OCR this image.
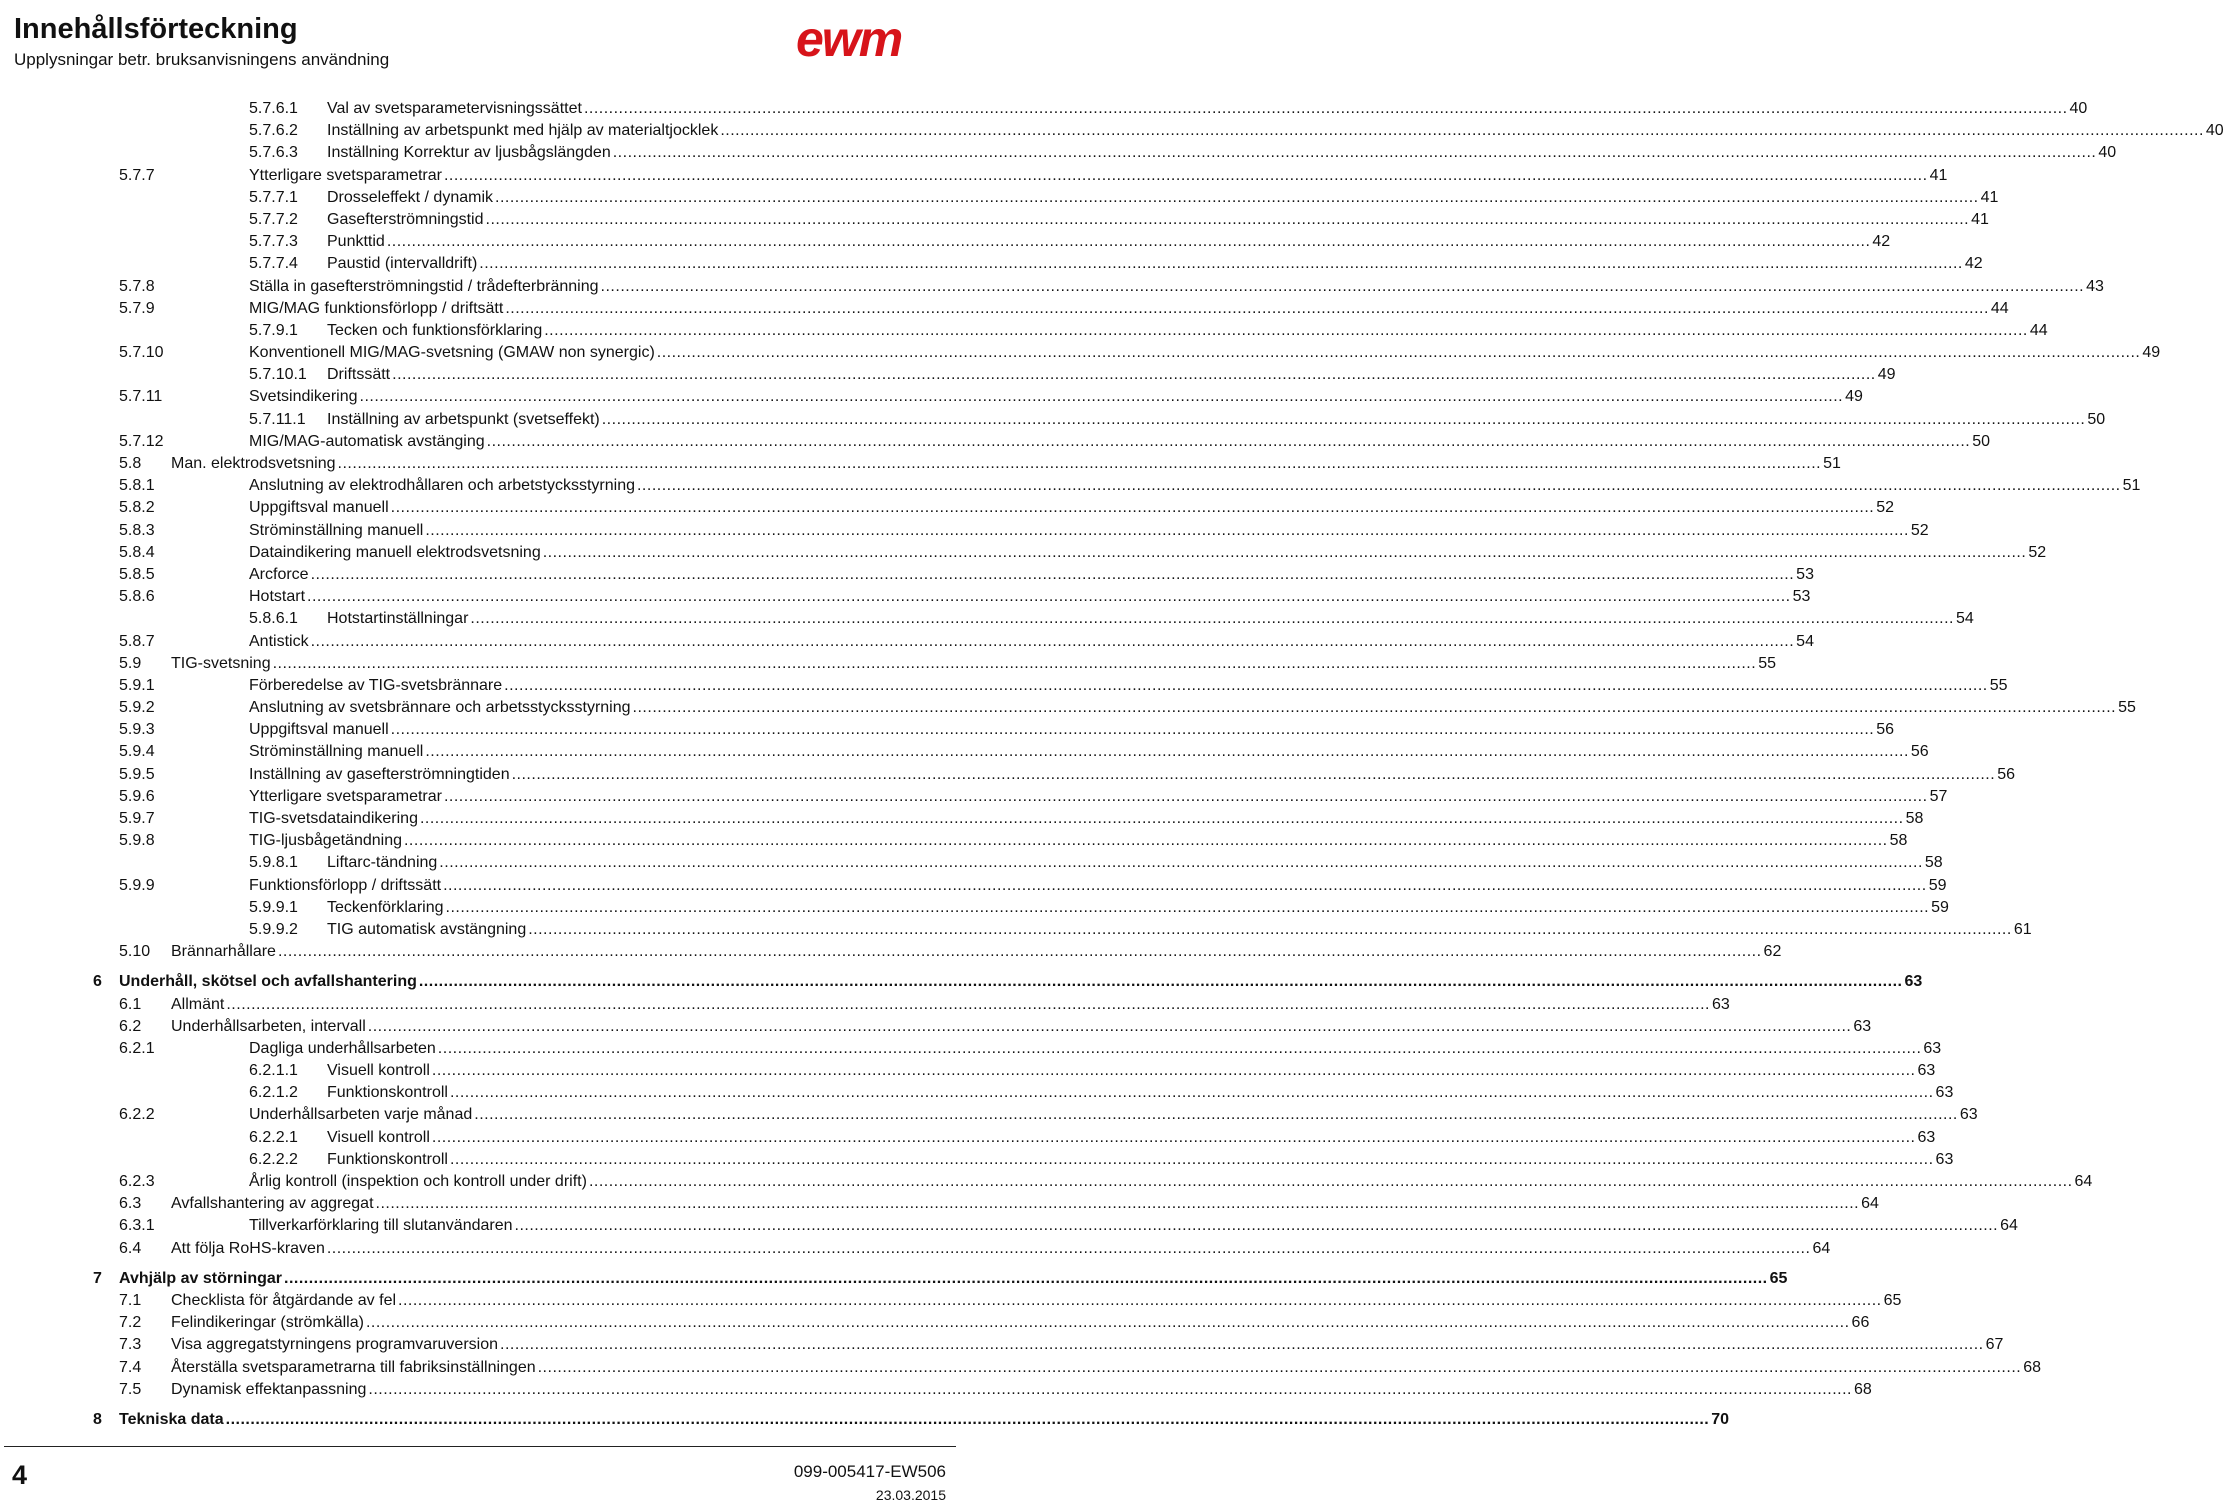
Innehållsförteckning
Upplysningar betr. bruksanvisningens användning	ewm
5.7.6.1 Val av svetsparametervisningssättet ............................................................................................................................................................................................................................................................................................................ 40
5.7.6.2 Inställning av arbetspunkt med hjälp av materialtjocklek ............................................................................................................................................................................................................................................................................................................ 40
5.7.6.3 Inställning Korrektur av ljusbågslängden ............................................................................................................................................................................................................................................................................................................ 40
5.7.7	Ytterligare svetsparametrar ............................................................................................................................................................................................................................................................................................................ 41
5.7.7.1 Drosseleffekt / dynamik ............................................................................................................................................................................................................................................................................................................ 41
5.7.7.2 Gasefterströmningstid ............................................................................................................................................................................................................................................................................................................ 41
5.7.7.3 Punkttid ............................................................................................................................................................................................................................................................................................................ 42
5.7.7.4 Paustid (intervalldrift) ............................................................................................................................................................................................................................................................................................................ 42
5.7.8	Ställa in gasefterströmningstid / trådefterbränning ............................................................................................................................................................................................................................................................................................................ 43
5.7.9	MIG/MAG funktionsförlopp / driftsätt ............................................................................................................................................................................................................................................................................................................ 44
5.7.9.1 Tecken och funktionsförklaring ............................................................................................................................................................................................................................................................................................................ 44
5.7.10	Konventionell MIG/MAG-svetsning (GMAW non synergic) ............................................................................................................................................................................................................................................................................................................ 49
5.7.10.1 Driftssätt ............................................................................................................................................................................................................................................................................................................ 49
5.7.11	Svetsindikering ............................................................................................................................................................................................................................................................................................................ 49
5.7.11.1 Inställning av arbetspunkt (svetseffekt) ............................................................................................................................................................................................................................................................................................................ 50
5.7.12	MIG/MAG-automatisk avstänging ............................................................................................................................................................................................................................................................................................................ 50
5.8 Man. elektrodsvetsning ............................................................................................................................................................................................................................................................................................................ 51
5.8.1	Anslutning av elektrodhållaren och arbetstycksstyrning ............................................................................................................................................................................................................................................................................................................ 51
5.8.2	Uppgiftsval manuell ............................................................................................................................................................................................................................................................................................................ 52
5.8.3	Ströminställning manuell ............................................................................................................................................................................................................................................................................................................ 52
5.8.4	Dataindikering manuell elektrodsvetsning ............................................................................................................................................................................................................................................................................................................ 52
5.8.5	Arcforce ............................................................................................................................................................................................................................................................................................................ 53
5.8.6	Hotstart ............................................................................................................................................................................................................................................................................................................ 53
5.8.6.1 Hotstartinställningar ............................................................................................................................................................................................................................................................................................................ 54
5.8.7	Antistick ............................................................................................................................................................................................................................................................................................................ 54
5.9 TIG-svetsning ............................................................................................................................................................................................................................................................................................................ 55
5.9.1	Förberedelse av TIG-svetsbrännare ............................................................................................................................................................................................................................................................................................................ 55
5.9.2	Anslutning av svetsbrännare och arbetsstycksstyrning ............................................................................................................................................................................................................................................................................................................ 55
5.9.3	Uppgiftsval manuell ............................................................................................................................................................................................................................................................................................................ 56
5.9.4	Ströminställning manuell ............................................................................................................................................................................................................................................................................................................ 56
5.9.5	Inställning av gasefterströmningtiden ............................................................................................................................................................................................................................................................................................................ 56
5.9.6	Ytterligare svetsparametrar ............................................................................................................................................................................................................................................................................................................ 57
5.9.7	TIG-svetsdataindikering ............................................................................................................................................................................................................................................................................................................ 58
5.9.8	TIG-ljusbågetändning ............................................................................................................................................................................................................................................................................................................ 58
5.9.8.1 Liftarc-tändning ............................................................................................................................................................................................................................................................................................................ 58
5.9.9	Funktionsförlopp / driftssätt ............................................................................................................................................................................................................................................................................................................ 59
5.9.9.1 Teckenförklaring ............................................................................................................................................................................................................................................................................................................ 59
5.9.9.2 TIG automatisk avstängning ............................................................................................................................................................................................................................................................................................................ 61
5.10 Brännarhållare ............................................................................................................................................................................................................................................................................................................ 62
6 Underhåll, skötsel och avfallshantering ............................................................................................................................................................................................................................................................................................................ 63
6.1 Allmänt ............................................................................................................................................................................................................................................................................................................ 63
6.2 Underhållsarbeten, intervall ............................................................................................................................................................................................................................................................................................................ 63
6.2.1	Dagliga underhållsarbeten ............................................................................................................................................................................................................................................................................................................ 63
6.2.1.1 Visuell kontroll ............................................................................................................................................................................................................................................................................................................ 63
6.2.1.2 Funktionskontroll ............................................................................................................................................................................................................................................................................................................ 63
6.2.2	Underhållsarbeten varje månad ............................................................................................................................................................................................................................................................................................................ 63
6.2.2.1 Visuell kontroll ............................................................................................................................................................................................................................................................................................................ 63
6.2.2.2 Funktionskontroll ............................................................................................................................................................................................................................................................................................................ 63
6.2.3	Årlig kontroll (inspektion och kontroll under drift) ............................................................................................................................................................................................................................................................................................................ 64
6.3 Avfallshantering av aggregat ............................................................................................................................................................................................................................................................................................................ 64
6.3.1	Tillverkarförklaring till slutanvändaren ............................................................................................................................................................................................................................................................................................................ 64
6.4 Att följa RoHS-kraven ............................................................................................................................................................................................................................................................................................................ 64
7 Avhjälp av störningar ............................................................................................................................................................................................................................................................................................................ 65
7.1 Checklista för åtgärdande av fel ............................................................................................................................................................................................................................................................................................................ 65
7.2 Felindikeringar (strömkälla) ............................................................................................................................................................................................................................................................................................................ 66
7.3 Visa aggregatstyrningens programvaruversion ............................................................................................................................................................................................................................................................................................................ 67
7.4 Återställa svetsparametrarna till fabriksinställningen ............................................................................................................................................................................................................................................................................................................ 68
7.5 Dynamisk effektanpassning ............................................................................................................................................................................................................................................................................................................ 68
8 Tekniska data ............................................................................................................................................................................................................................................................................................................ 70
4	099-005417-EW506
23.03.2015
